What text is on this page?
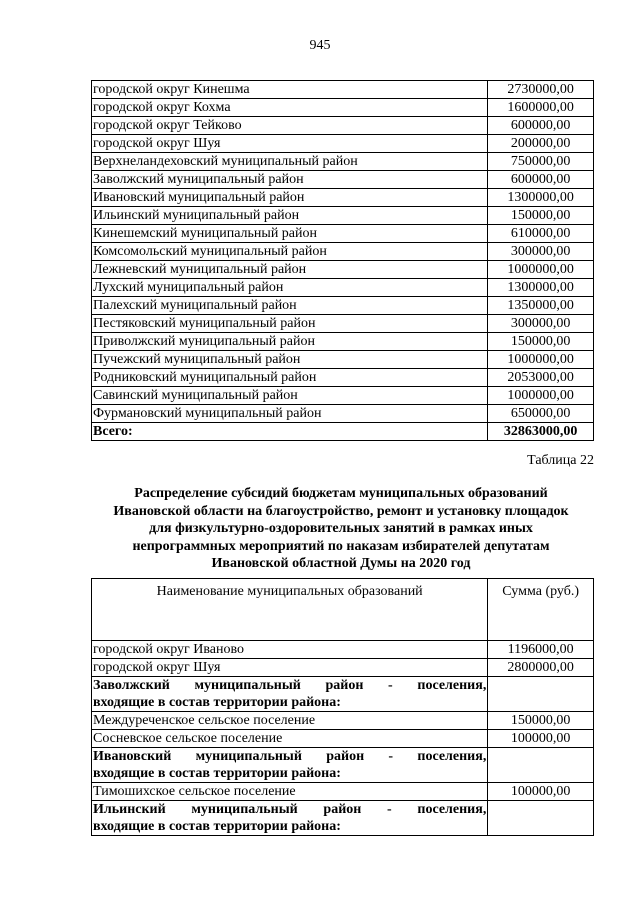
945
городской округ Кинешма	2730000,00
городской округ Кохма	1600000,00
городской округ Тейково	600000,00
городской округ Шуя	200000,00
Верхнеландеховский муниципальный район	750000,00
Заволжский муниципальный район	600000,00
Ивановский муниципальный район	1300000,00
Ильинский муниципальный район	150000,00
Кинешемский муниципальный район	610000,00
Комсомольский муниципальный район	300000,00
Лежневский муниципальный район	1000000,00
Лухский муниципальный район	1300000,00
Палехский муниципальный район	1350000,00
Пестяковский муниципальный район	300000,00
Приволжский муниципальный район	150000,00
Пучежский муниципальный район	1000000,00
Родниковский муниципальный район	2053000,00
Савинский муниципальный район	1000000,00
Фурмановский муниципальный район	650000,00
Всего:	32863000,00
Таблица 22
Распределение субсидий бюджетам муниципальных образований
Ивановской области на благоустройство, ремонт и установку площадок
для физкультурно-оздоровительных занятий в рамках иных
непрограммных мероприятий по наказам избирателей депутатам
Ивановской областной Думы на 2020 год
Наименование муниципальных образований	Сумма (руб.)
городской округ Иваново	1196000,00
городской округ Шуя	2800000,00

Заволжский муниципальный район - поселения,
входящие в состав территории района:	
Междуреченское сельское поселение	150000,00
Сосневское сельское поселение	100000,00

Ивановский муниципальный район - поселения,
входящие в состав территории района:	
Тимошихское сельское поселение	100000,00

Ильинский муниципальный район - поселения,
входящие в состав территории района:	
